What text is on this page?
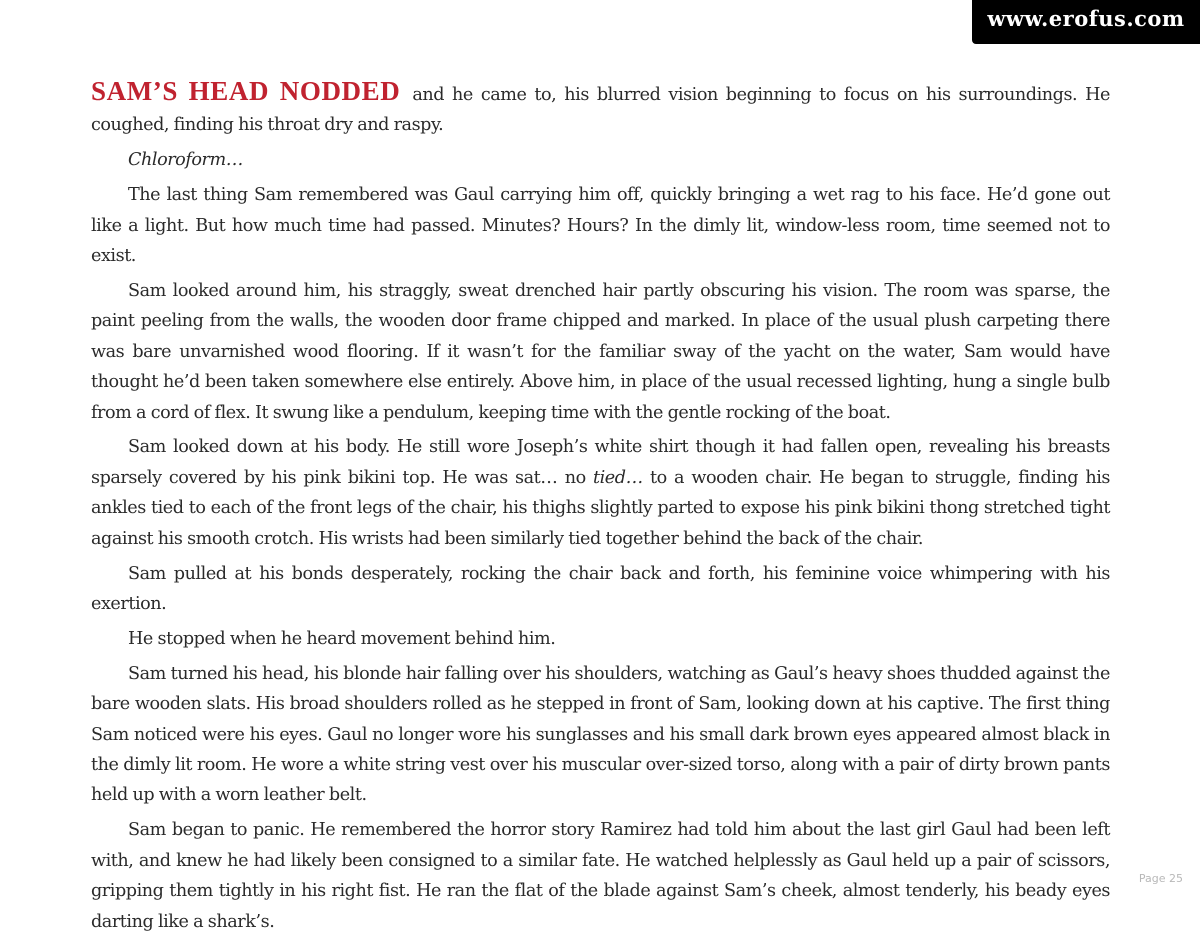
www.erofus.com

SAM’S HEAD NODDED and he came to, his blurred vision beginning to focus on his surroundings. He coughed, finding his throat dry and raspy.

Chloroform…

The last thing Sam remembered was Gaul carrying him off, quickly bringing a wet rag to his face. He’d gone out like a light. But how much time had passed. Minutes? Hours? In the dimly lit, window-less room, time seemed not to exist.

Sam looked around him, his straggly, sweat drenched hair partly obscuring his vision. The room was sparse, the paint peeling from the walls, the wooden door frame chipped and marked. In place of the usual plush carpeting there was bare unvarnished wood flooring. If it wasn’t for the familiar sway of the yacht on the water, Sam would have thought he’d been taken somewhere else entirely. Above him, in place of the usual recessed lighting, hung a single bulb from a cord of flex. It swung like a pendulum, keeping time with the gentle rocking of the boat.

Sam looked down at his body. He still wore Joseph’s white shirt though it had fallen open, revealing his breasts sparsely covered by his pink bikini top. He was sat… no tied… to a wooden chair. He began to struggle, finding his ankles tied to each of the front legs of the chair, his thighs slightly parted to expose his pink bikini thong stretched tight against his smooth crotch. His wrists had been similarly tied together behind the back of the chair.

Sam pulled at his bonds desperately, rocking the chair back and forth, his feminine voice whimpering with his exertion.

He stopped when he heard movement behind him.

Sam turned his head, his blonde hair falling over his shoulders, watching as Gaul’s heavy shoes thudded against the bare wooden slats. His broad shoulders rolled as he stepped in front of Sam, looking down at his captive. The first thing Sam noticed were his eyes. Gaul no longer wore his sunglasses and his small dark brown eyes appeared almost black in the dimly lit room. He wore a white string vest over his muscular over-sized torso, along with a pair of dirty brown pants held up with a worn leather belt.

Sam began to panic. He remembered the horror story Ramirez had told him about the last girl Gaul had been left with, and knew he had likely been consigned to a similar fate. He watched helplessly as Gaul held up a pair of scissors, gripping them tightly in his right fist. He ran the flat of the blade against Sam’s cheek, almost tenderly, his beady eyes darting like a shark’s.

Page 25
